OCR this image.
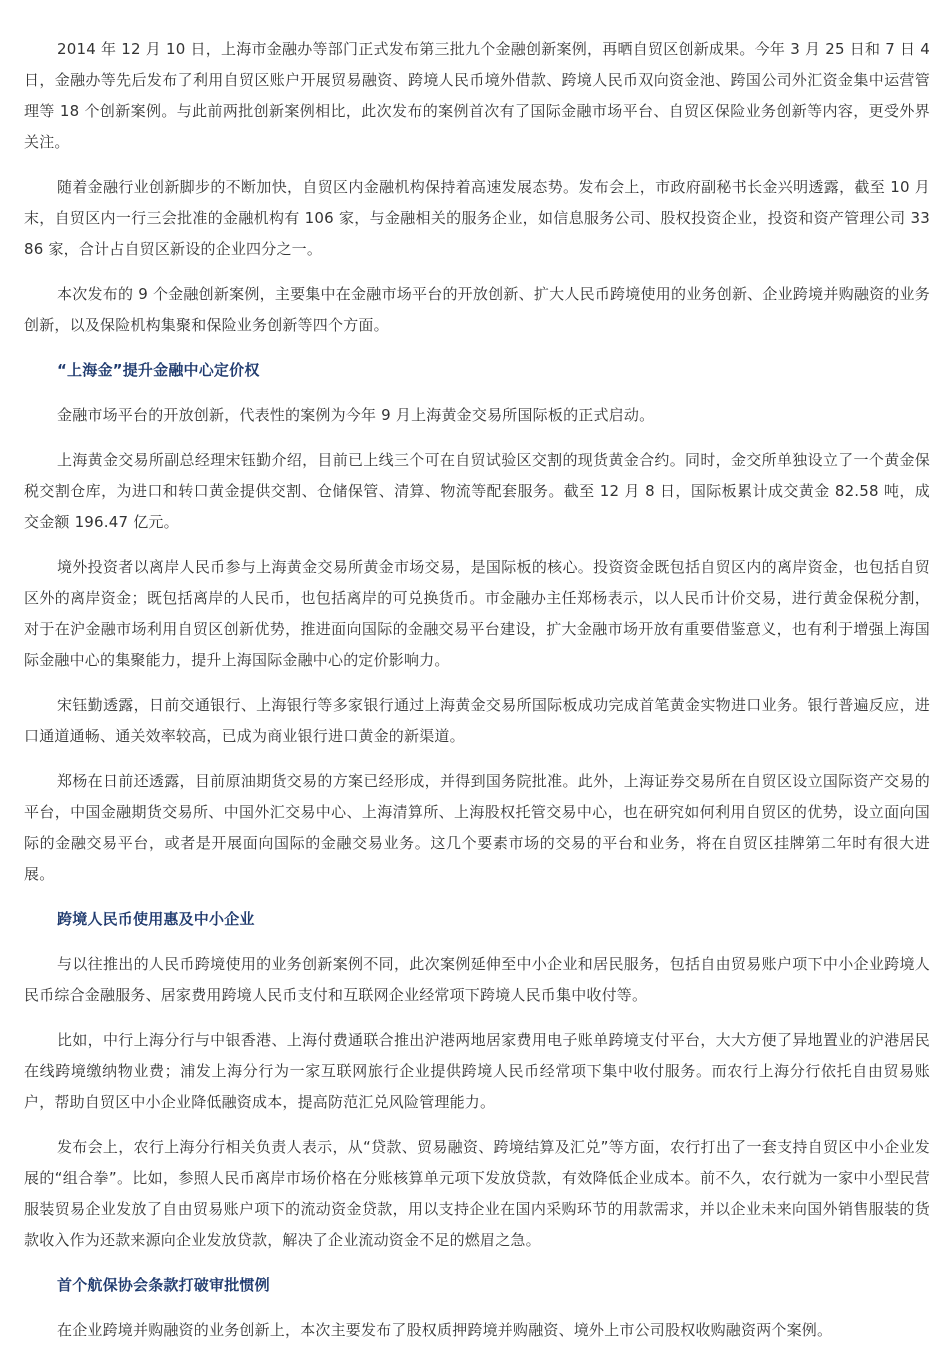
2014 年 12 月 10 日，上海市金融办等部门正式发布第三批九个金融创新案例，再晒自贸区创新成果。今年 3 月 25 日和 7 日 4 日，金融办等先后发布了利用自贸区账户开展贸易融资、跨境人民币境外借款、跨境人民币双向资金池、跨国公司外汇资金集中运营管理等 18 个创新案例。与此前两批创新案例相比，此次发布的案例首次有了国际金融市场平台、自贸区保险业务创新等内容，更受外界关注。

随着金融行业创新脚步的不断加快，自贸区内金融机构保持着高速发展态势。发布会上，市政府副秘书长金兴明透露，截至 10 月末，自贸区内一行三会批准的金融机构有 106 家，与金融相关的服务企业，如信息服务公司、股权投资企业，投资和资产管理公司 3386 家，合计占自贸区新设的企业四分之一。

本次发布的 9 个金融创新案例，主要集中在金融市场平台的开放创新、扩大人民币跨境使用的业务创新、企业跨境并购融资的业务创新，以及保险机构集聚和保险业务创新等四个方面。

“上海金”提升金融中心定价权

金融市场平台的开放创新，代表性的案例为今年 9 月上海黄金交易所国际板的正式启动。

上海黄金交易所副总经理宋钰勤介绍，目前已上线三个可在自贸试验区交割的现货黄金合约。同时，金交所单独设立了一个黄金保税交割仓库，为进口和转口黄金提供交割、仓储保管、清算、物流等配套服务。截至 12 月 8 日，国际板累计成交黄金 82.58 吨，成交金额 196.47 亿元。

境外投资者以离岸人民币参与上海黄金交易所黄金市场交易，是国际板的核心。投资资金既包括自贸区内的离岸资金，也包括自贸区外的离岸资金；既包括离岸的人民币，也包括离岸的可兑换货币。市金融办主任郑杨表示，以人民币计价交易，进行黄金保税分割，对于在沪金融市场利用自贸区创新优势，推进面向国际的金融交易平台建设，扩大金融市场开放有重要借鉴意义，也有利于增强上海国际金融中心的集聚能力，提升上海国际金融中心的定价影响力。

宋钰勤透露，日前交通银行、上海银行等多家银行通过上海黄金交易所国际板成功完成首笔黄金实物进口业务。银行普遍反应，进口通道通畅、通关效率较高，已成为商业银行进口黄金的新渠道。

郑杨在日前还透露，目前原油期货交易的方案已经形成，并得到国务院批准。此外，上海证券交易所在自贸区设立国际资产交易的平台，中国金融期货交易所、中国外汇交易中心、上海清算所、上海股权托管交易中心，也在研究如何利用自贸区的优势，设立面向国际的金融交易平台，或者是开展面向国际的金融交易业务。这几个要素市场的交易的平台和业务，将在自贸区挂牌第二年时有很大进展。

跨境人民币使用惠及中小企业

与以往推出的人民币跨境使用的业务创新案例不同，此次案例延伸至中小企业和居民服务，包括自由贸易账户项下中小企业跨境人民币综合金融服务、居家费用跨境人民币支付和互联网企业经常项下跨境人民币集中收付等。

比如，中行上海分行与中银香港、上海付费通联合推出沪港两地居家费用电子账单跨境支付平台，大大方便了异地置业的沪港居民在线跨境缴纳物业费；浦发上海分行为一家互联网旅行企业提供跨境人民币经常项下集中收付服务。而农行上海分行依托自由贸易账户，帮助自贸区中小企业降低融资成本，提高防范汇兑风险管理能力。

发布会上，农行上海分行相关负责人表示，从“贷款、贸易融资、跨境结算及汇兑”等方面，农行打出了一套支持自贸区中小企业发展的“组合拳”。比如，参照人民币离岸市场价格在分账核算单元项下发放贷款，有效降低企业成本。前不久，农行就为一家中小型民营服装贸易企业发放了自由贸易账户项下的流动资金贷款，用以支持企业在国内采购环节的用款需求，并以企业未来向国外销售服装的货款收入作为还款来源向企业发放贷款，解决了企业流动资金不足的燃眉之急。

首个航保协会条款打破审批惯例

在企业跨境并购融资的业务创新上，本次主要发布了股权质押跨境并购融资、境外上市公司股权收购融资两个案例。
